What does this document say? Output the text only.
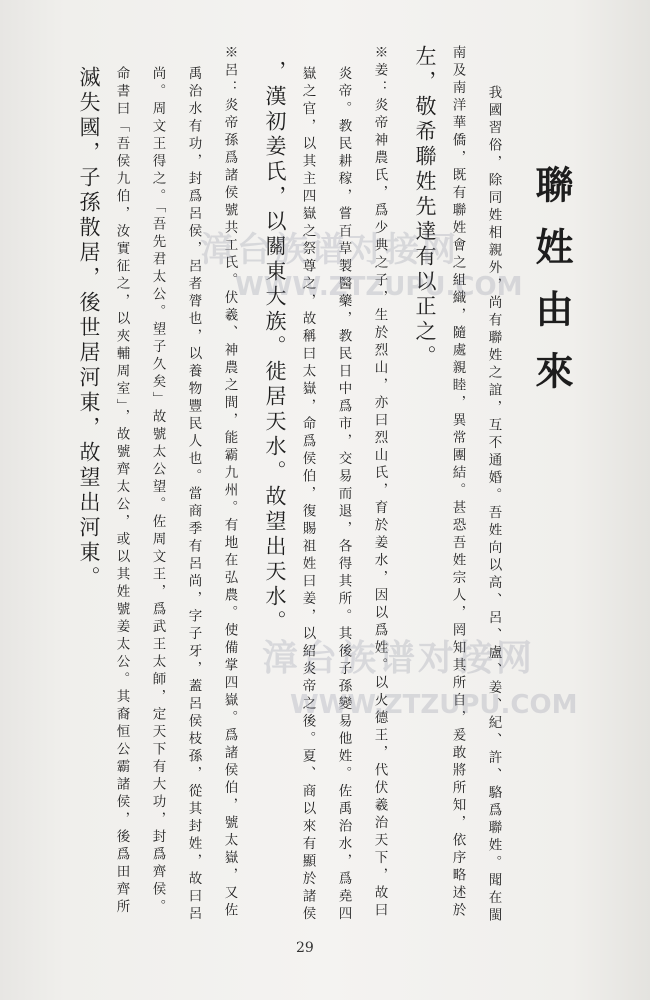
聯姓由來

我國習俗，除同姓相親外，尚有聯姓之誼，互不通婚。吾姓向以高、呂、盧、姜、紀、許、駱爲聯姓。聞在閩

南及南洋華僑，既有聯姓會之組織，隨處親睦，異常團結。甚恐吾姓宗人，罔知其所自，爰敢將所知，依序略述於

左，敬希聯姓先達有以正之。

※姜：炎帝神農氏，爲少典之子，生於烈山，亦曰烈山氏，育於姜水，因以爲姓。以火德王，代伏羲治天下，故曰

炎帝。教民耕稼，嘗百草製醫藥，教民日中爲市，交易而退，各得其所。其後子孫變易他姓。佐禹治水，爲堯四

嶽之官，以其主四嶽之祭尊之，故稱曰太嶽，命爲侯伯，復賜祖姓曰姜，以紹炎帝之後。夏、商以來有顯於諸侯

，漢初姜氏，以關東大族。徙居天水。故望出天水。

※呂：炎帝孫爲諸侯號共工氏。伏羲、神農之間，能霸九州。有地在弘農。使備掌四嶽。爲諸侯伯，號太嶽，又佐

禹治水有功，封爲呂侯，呂者膂也，以養物豐民人也。當商季有呂尚，字子牙，蓋呂侯枝孫，從其封姓，故曰呂

尚。周文王得之。「吾先君太公。望子久矣」故號太公望。佐周文王，爲武王太師，定天下有大功，封爲齊侯。

命書曰「吾侯九伯，汝實征之，以夾輔周室」，故號齊太公，或以其姓號姜太公。其裔恒公霸諸侯，後爲田齊所

滅失國，子孫散居，後世居河東，故望出河東。	漳台族谱对接网
WWW.ZTZUPU.COM
漳台族谱对接网
WWW.ZTZUPU.COM
29
